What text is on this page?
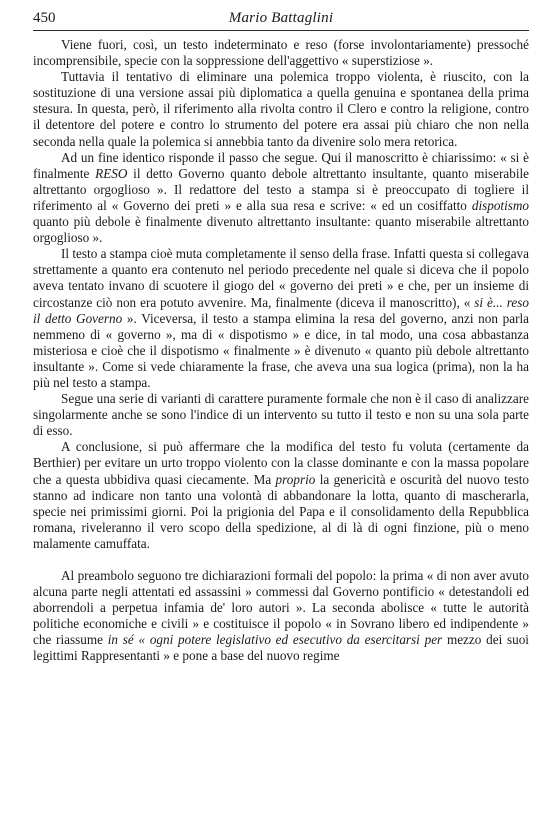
450	Mario Battaglini

Viene fuori, così, un testo indeterminato e reso (forse involontariamente) pressoché incomprensibile, specie con la soppressione dell'aggettivo « superstiziose ».

Tuttavia il tentativo di eliminare una polemica troppo violenta, è riuscito, con la sostituzione di una versione assai più diplomatica a quella genuina e spontanea della prima stesura. In questa, però, il riferimento alla rivolta contro il Clero e contro la religione, contro il detentore del potere e contro lo strumento del potere era assai più chiaro che non nella seconda nella quale la polemica si annebbia tanto da divenire solo mera retorica.

Ad un fine identico risponde il passo che segue. Qui il manoscritto è chiarissimo: « si è finalmente RESO il detto Governo quanto debole altrettanto insultante, quanto miserabile altrettanto orgoglioso ». Il redattore del testo a stampa si è preoccupato di togliere il riferimento al « Governo dei preti » e alla sua resa e scrive: « ed un cosiffatto dispotismo quanto più debole è finalmente divenuto altrettanto insultante: quanto miserabile altrettanto orgoglioso ».

Il testo a stampa cioè muta completamente il senso della frase. Infatti questa si collegava strettamente a quanto era contenuto nel periodo precedente nel quale si diceva che il popolo aveva tentato invano di scuotere il giogo del « governo dei preti » e che, per un insieme di circostanze ciò non era potuto avvenire. Ma, finalmente (diceva il manoscritto), « si è... reso il detto Governo ». Viceversa, il testo a stampa elimina la resa del governo, anzi non parla nemmeno di « governo », ma di « dispotismo » e dice, in tal modo, una cosa abbastanza misteriosa e cioè che il dispotismo « finalmente » è divenuto « quanto più debole altrettanto insultante ». Come si vede chiaramente la frase, che aveva una sua logica (prima), non la ha più nel testo a stampa.

Segue una serie di varianti di carattere puramente formale che non è il caso di analizzare singolarmente anche se sono l'indice di un intervento su tutto il testo e non su una sola parte di esso.

A conclusione, si può affermare che la modifica del testo fu voluta (certamente da Berthier) per evitare un urto troppo violento con la classe dominante e con la massa popolare che a questa ubbidiva quasi ciecamente. Ma proprio la genericità e oscurità del nuovo testo stanno ad indicare non tanto una volontà di abbandonare la lotta, quanto di mascherarla, specie nei primissimi giorni. Poi la prigionia del Papa e il consolidamento della Repubblica romana, riveleranno il vero scopo della spedizione, al di là di ogni finzione, più o meno malamente camuffata.

Al preambolo seguono tre dichiarazioni formali del popolo: la prima « di non aver avuto alcuna parte negli attentati ed assassini » commessi dal Governo pontificio « detestandoli ed aborrendoli a perpetua infamia de' loro autori ». La seconda abolisce « tutte le autorità politiche economiche e civili » e costituisce il popolo « in Sovrano libero ed indipendente » che riassume in sé « ogni potere legislativo ed esecutivo da esercitarsi per mezzo dei suoi legittimi Rappresentanti » e pone a base del nuovo regime
